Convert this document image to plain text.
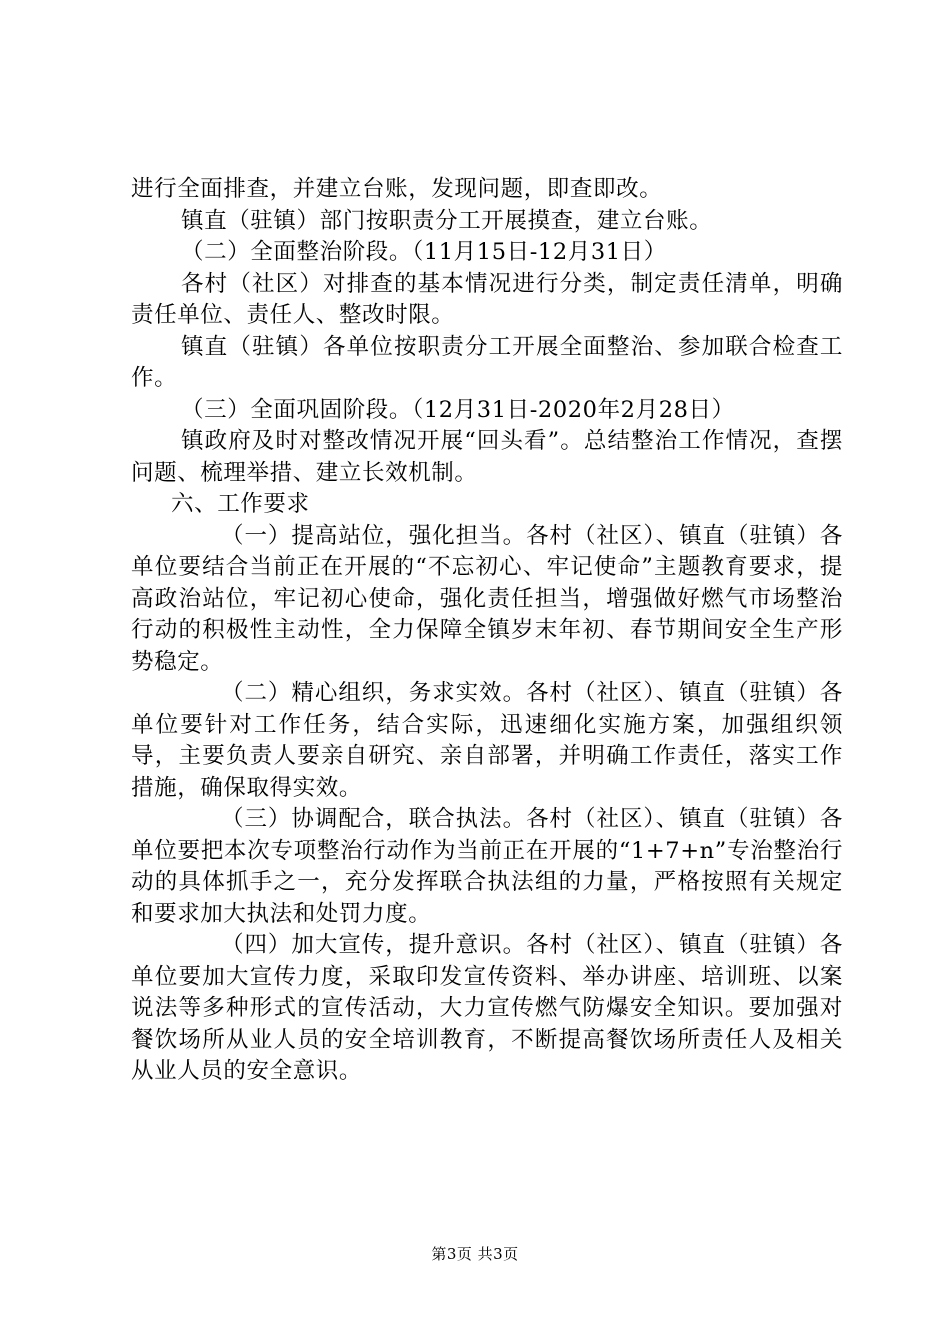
进行全面排查，并建立台账，发现问题，即查即改。

镇直（驻镇）部门按职责分工开展摸查，建立台账。

（二）全面整治阶段。（11月15日-12月31日）

各村（社区）对排查的基本情况进行分类，制定责任清单，明确责任单位、责任人、整改时限。

镇直（驻镇）各单位按职责分工开展全面整治、参加联合检查工作。

（三）全面巩固阶段。（12月31日-2020年2月28日）

镇政府及时对整改情况开展“回头看”。总结整治工作情况，查摆问题、梳理举措、建立长效机制。

六、工作要求

（一）提高站位，强化担当。各村（社区）、镇直（驻镇）各单位要结合当前正在开展的“不忘初心、牢记使命”主题教育要求，提高政治站位，牢记初心使命，强化责任担当，增强做好燃气市场整治行动的积极性主动性，全力保障全镇岁末年初、春节期间安全生产形势稳定。

（二）精心组织，务求实效。各村（社区）、镇直（驻镇）各单位要针对工作任务，结合实际，迅速细化实施方案，加强组织领导，主要负责人要亲自研究、亲自部署，并明确工作责任，落实工作措施，确保取得实效。

（三）协调配合，联合执法。各村（社区）、镇直（驻镇）各单位要把本次专项整治行动作为当前正在开展的“1+7+n”专治整治行动的具体抓手之一，充分发挥联合执法组的力量，严格按照有关规定和要求加大执法和处罚力度。

（四）加大宣传，提升意识。各村（社区）、镇直（驻镇）各单位要加大宣传力度，采取印发宣传资料、举办讲座、培训班、以案说法等多种形式的宣传活动，大力宣传燃气防爆安全知识。要加强对餐饮场所从业人员的安全培训教育，不断提高餐饮场所责任人及相关从业人员的安全意识。

第3页 共3页
